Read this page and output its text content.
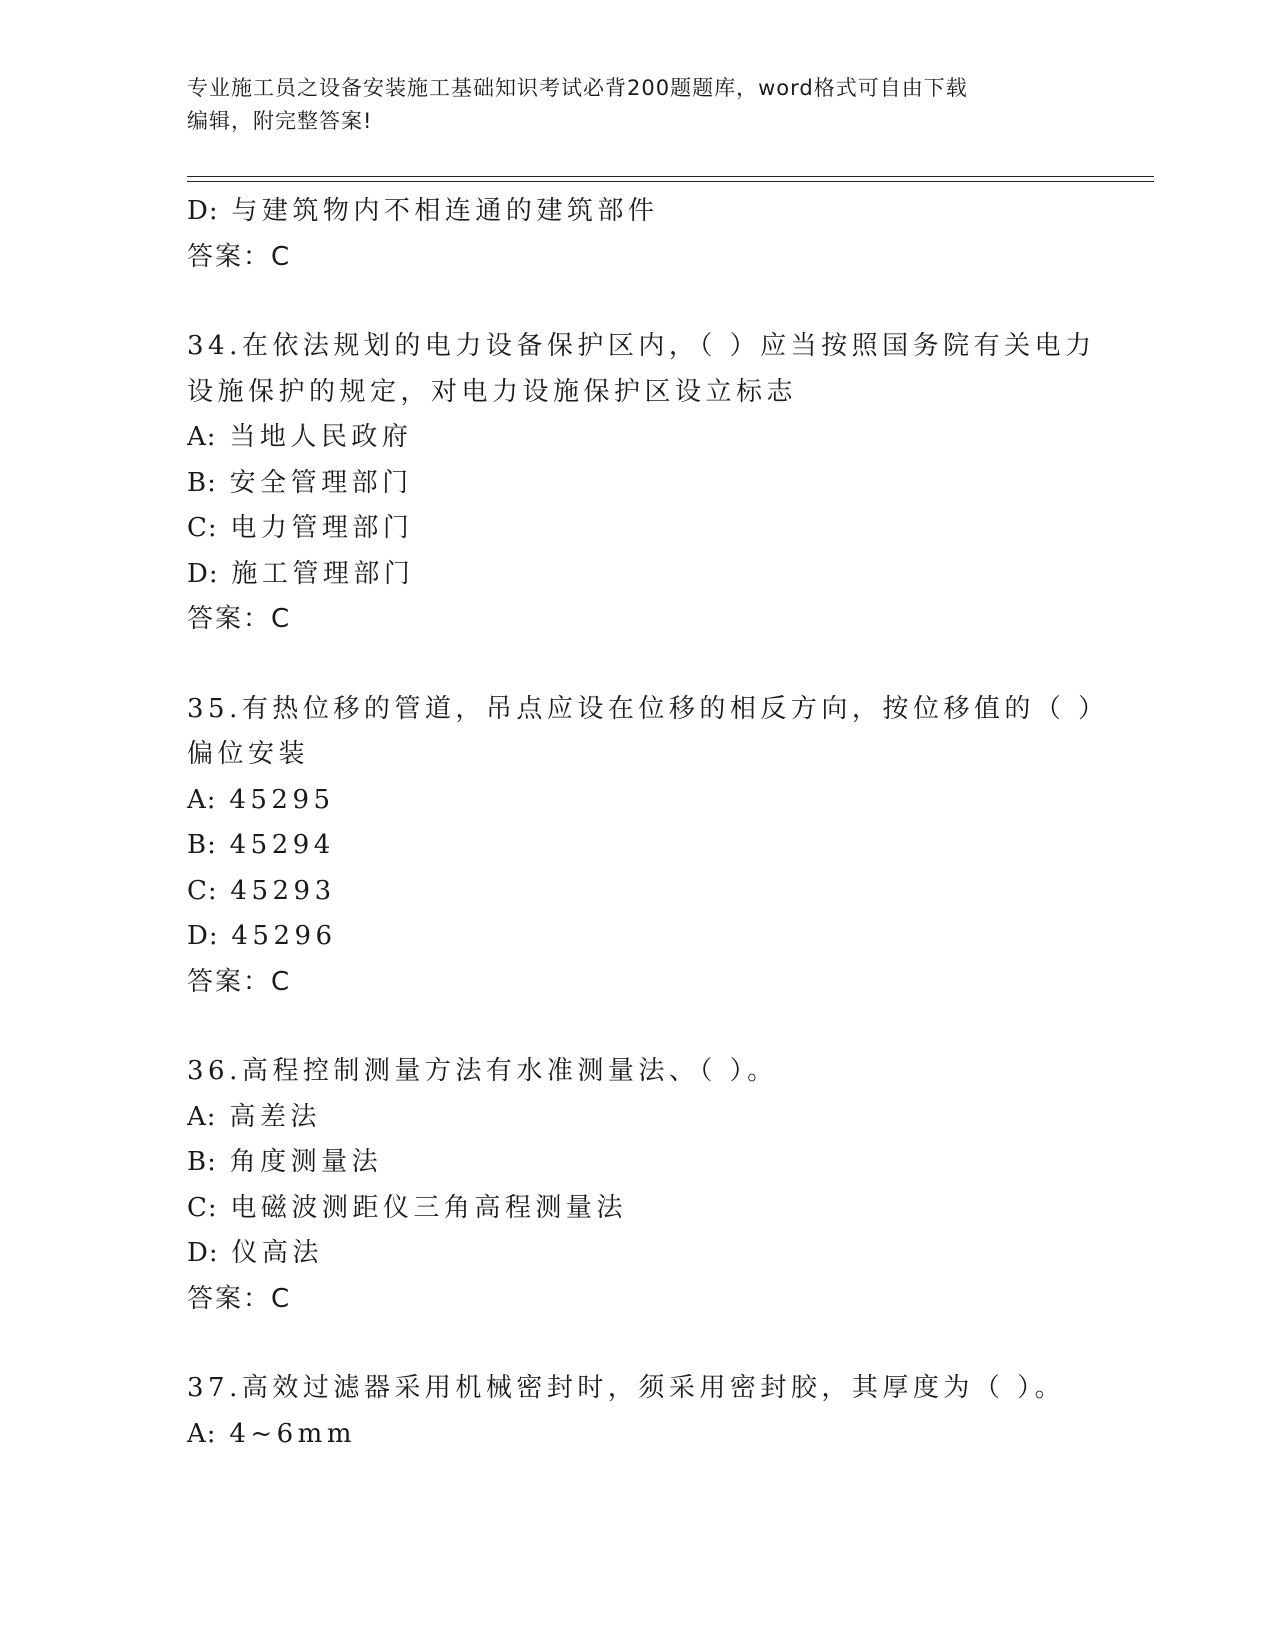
专业施工员之设备安装施工基础知识考试必背200题题库，word格式可自由下载
编辑，附完整答案!
D: 与建筑物内不相连通的建筑部件
答案：C
34.在依法规划的电力设备保护区内，（ ）应当按照国务院有关电力
设施保护的规定，对电力设施保护区设立标志
A: 当地人民政府
B: 安全管理部门
C: 电力管理部门
D: 施工管理部门
答案：C
35.有热位移的管道，吊点应设在位移的相反方向，按位移值的（ ）
偏位安装
A: 45295
B: 45294
C: 45293
D: 45296
答案：C
36.高程控制测量方法有水准测量法、（ ）。
A: 高差法
B: 角度测量法
C: 电磁波测距仪三角高程测量法
D: 仪高法
答案：C
37.高效过滤器采用机械密封时，须采用密封胶，其厚度为（ ）。
A: 4~6mm
